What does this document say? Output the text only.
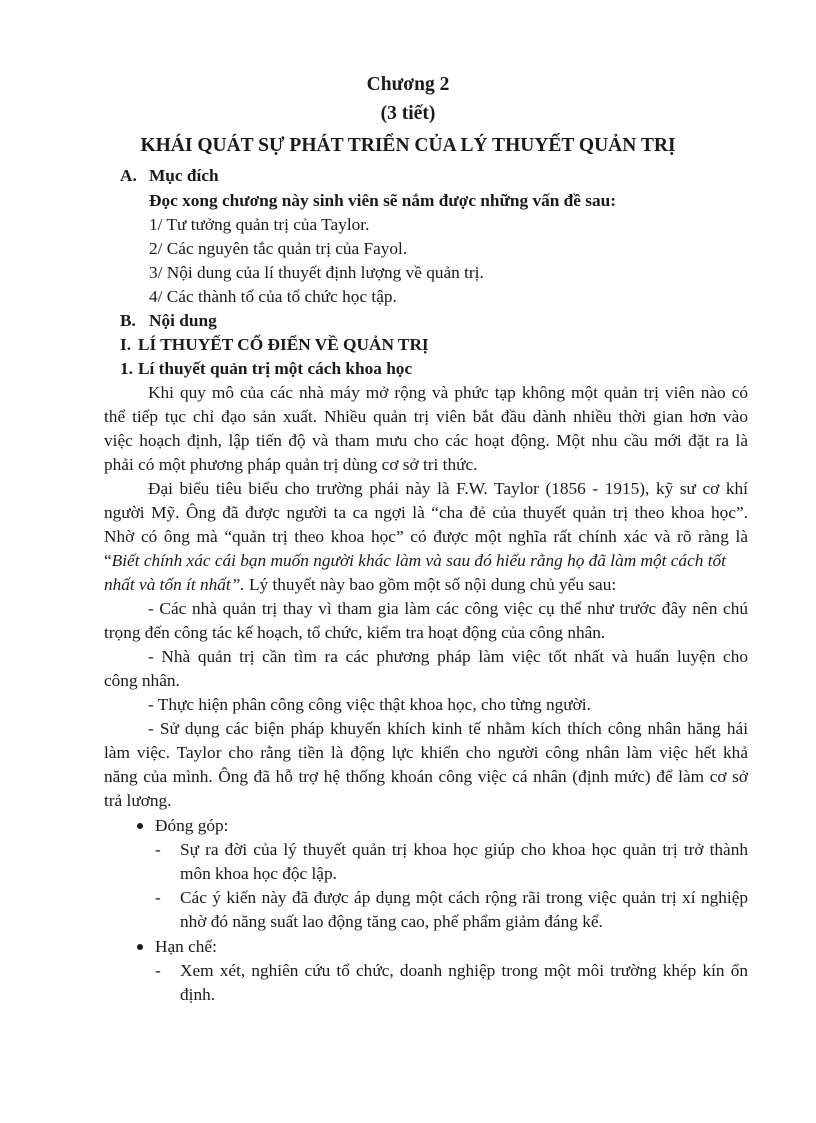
Chương 2
(3 tiết)
KHÁI QUÁT SỰ PHÁT TRIỂN CỦA LÝ THUYẾT QUẢN TRỊ
A. Mục đích
Đọc xong chương này sinh viên sẽ nắm được những vấn đề sau:
1/ Tư tưởng quản trị của Taylor.
2/ Các nguyên tắc quản trị của Fayol.
3/ Nội dung của lí thuyết định lượng về quản trị.
4/ Các thành tố của tổ chức học tập.
B. Nội dung
I. LÍ THUYẾT CỔ ĐIỂN VỀ QUẢN TRỊ
1. Lí thuyết quản trị một cách khoa học
Khi quy mô của các nhà máy mở rộng và phức tạp không một quản trị viên nào có
thể tiếp tục chỉ đạo sản xuất. Nhiều quản trị viên bắt đầu dành nhiều thời gian hơn vào
việc hoạch định, lập tiến độ và tham mưu cho các hoạt động. Một nhu cầu mới đặt ra là
phải có một phương pháp quản trị dùng cơ sở tri thức.
Đại biểu tiêu biểu cho trường phái này là F.W. Taylor (1856 - 1915), kỹ sư cơ khí
người Mỹ. Ông đã được người ta ca ngợi là “cha đẻ của thuyết quản trị theo khoa học”.
Nhờ có ông mà “quản trị theo khoa học” có được một nghĩa rất chính xác và rõ ràng là
“Biết chính xác cái bạn muốn người khác làm và sau đó hiểu rằng họ đã làm một cách tốt
nhất và tốn ít nhất”. Lý thuyết này bao gồm một số nội dung chủ yếu sau:
- Các nhà quản trị thay vì tham gia làm các công việc cụ thể như trước đây nên chú
trọng đến công tác kế hoạch, tổ chức, kiểm tra hoạt động của công nhân.
- Nhà quản trị cần tìm ra các phương pháp làm việc tốt nhất và huấn luyện cho
công nhân.
- Thực hiện phân công công việc thật khoa học, cho từng người.
- Sử dụng các biện pháp khuyến khích kinh tế nhằm kích thích công nhân hăng hái
làm việc. Taylor cho rằng tiền là động lực khiến cho người công nhân làm việc hết khả
năng của mình. Ông đã hỗ trợ hệ thống khoán công việc cá nhân (định mức) để làm cơ sở
trả lương.
Đóng góp:
- Sự ra đời của lý thuyết quản trị khoa học giúp cho khoa học quản trị trở thành
môn khoa học độc lập.
- Các ý kiến này đã được áp dụng một cách rộng rãi trong việc quản trị xí nghiệp
nhờ đó năng suất lao động tăng cao, phế phẩm giảm đáng kể.
Hạn chế:
- Xem xét, nghiên cứu tổ chức, doanh nghiệp trong một môi trường khép kín ổn
định.
